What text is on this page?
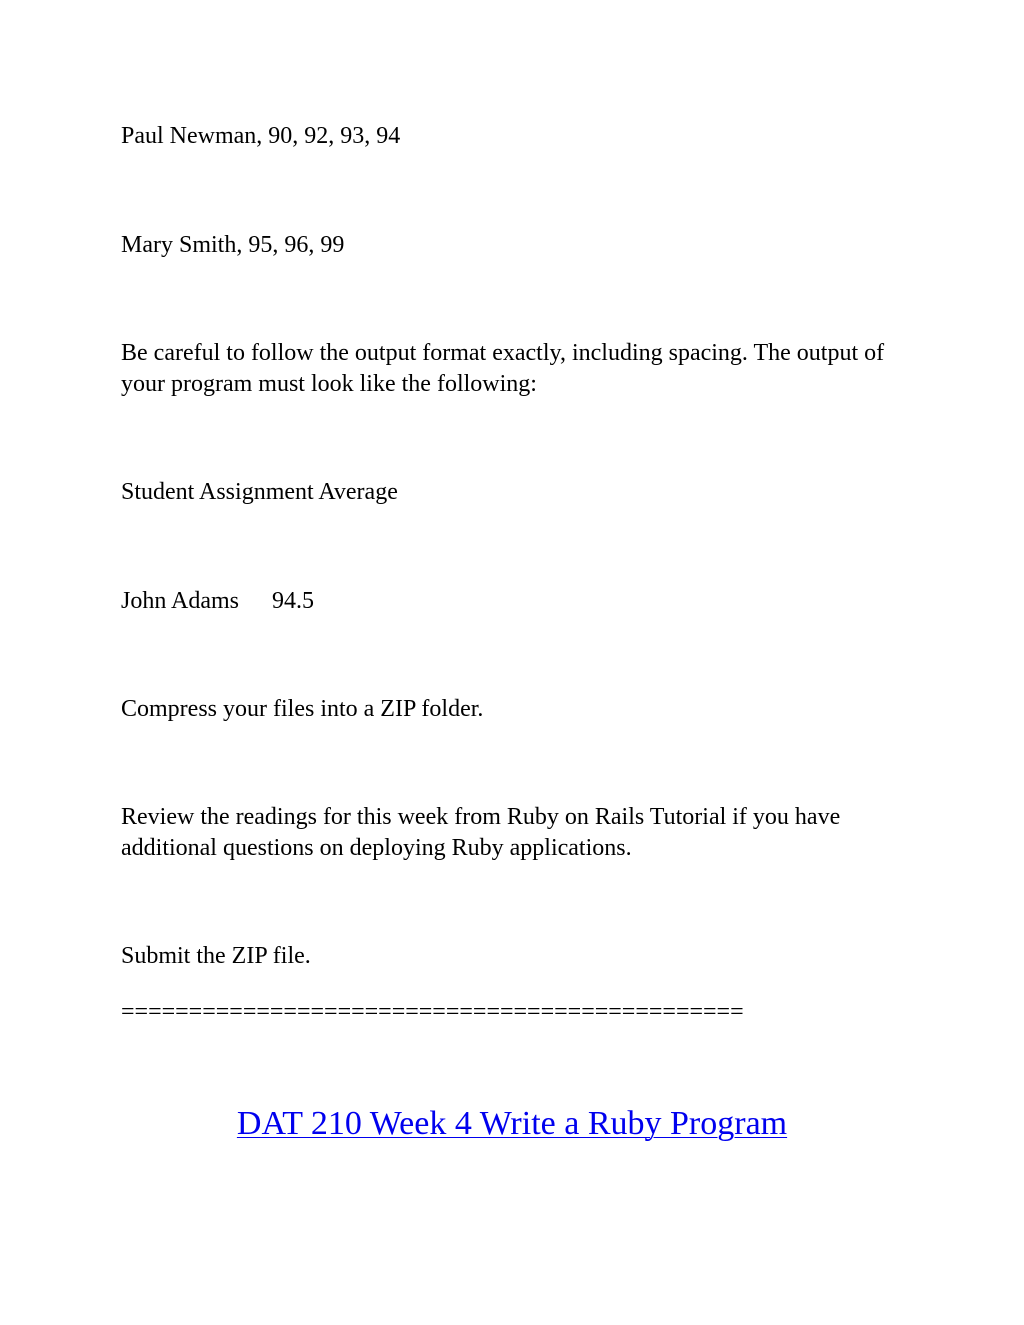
Paul Newman, 90, 92, 93, 94

Mary Smith, 95, 96, 99

Be careful to follow the output format exactly, including spacing. The output of your program must look like the following:

Student Assignment Average

John Adams 94.5

Compress your files into a ZIP folder.

Review the readings for this week from Ruby on Rails Tutorial if you have additional questions on deploying Ruby applications.

Submit the ZIP file.

==============================================

DAT 210 Week 4 Write a Ruby Program
